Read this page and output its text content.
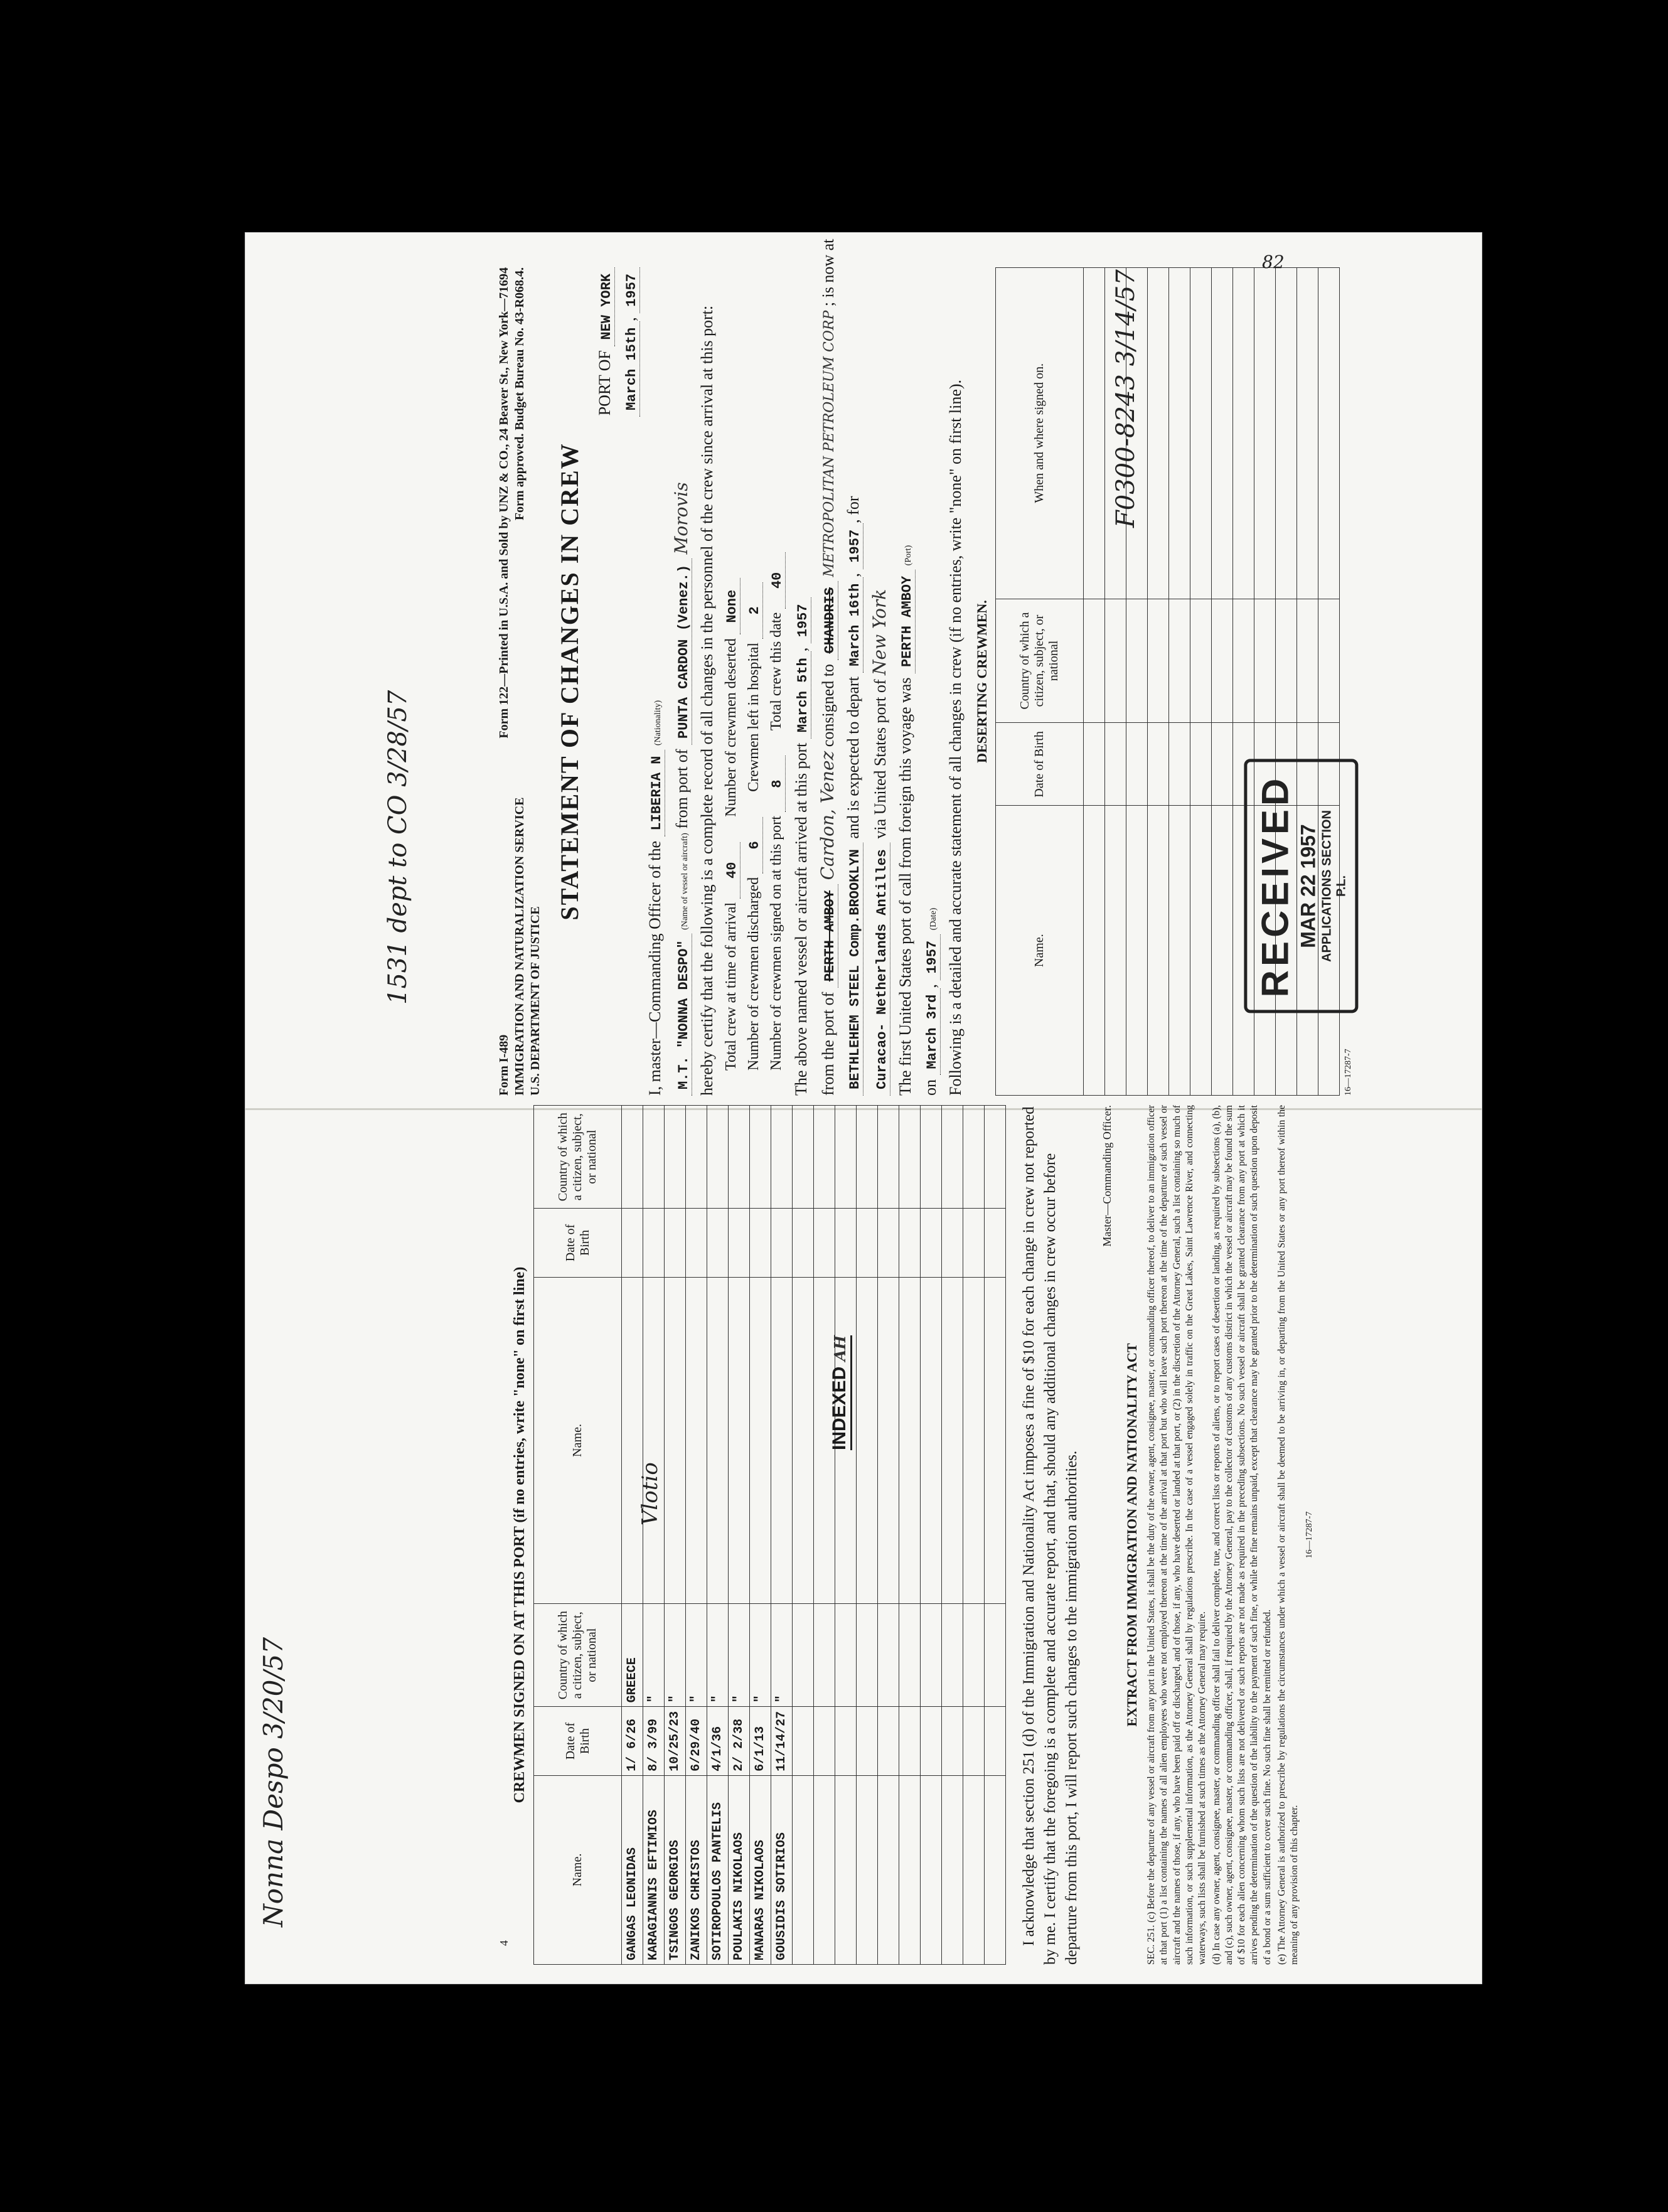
Form I-489 IMMIGRATION AND NATURALIZATION SERVICE U.S. DEPARTMENT OF JUSTICE
Form 122—Printed in U.S.A. and Sold by UNZ & CO., 24 Beaver St., New York—71694 Form approved. Budget Bureau No. 43-R068.4.
STATEMENT OF CHANGES IN CREW
PORT OF NEW YORK
March 15th, 1957
I, master—Commanding Officer of the LIBERIA N (Nationality)
M.T. "NONNA DESPO" (Name of vessel or aircraft) from port of PUNTA CARDON (Venez.) Morovis hereby certify that the following is a complete record of all changes in the personnel of the crew since arrival at this port: Total crew at time of arrival 40
Number of crewmen deserted None
Number of crewmen discharged 6
Crewmen left in hospital 2
Number of crewmen signed on at this port 8
Total crew this date 40
The above named vessel or aircraft arrived at this port March 5th, 1957
from the port of PERTH AMBOY Cardon, Venez consigned to CHANDRIS METROPOLITAN PETROLEUM CORP ; is now at
BETHLEHEM STEEL Comp.BROOKLYN and is expected to depart March 16th, 1957, for
Curacao- Netherlands Antilles via United States port of New York
The first United States port of call from foreign this voyage was PERTH AMBOY (Port)
on March 3rd, 1957 (Date) Following is a detailed and accurate statement of all changes in crew (if no entries, write "none" on first line). DESERTING CREWMEN.
Name.	Date of Birth	Country of which a citizen, subject, or national	When and where signed on.

16—17287-7
CREWMEN SIGNED ON AT THIS PORT (if no entries, write "none" on first line)
4
Name.	Date of Birth	Country of which a citizen, subject, or national	Name.	Date of Birth	Country of which a citizen, subject, or national
GANGAS LEONIDAS	1/ 6/26	GREECE			
KARAGIANNIS EFTIMIOS	8/ 3/99	"			
TSINGOS GEORGIOS	10/25/23	"			
ZANIKOS CHRISTOS	6/29/40	"			
SOTIROPOULOS PANTELIS	4/1/36	"			
POULAKIS NIKOLAOS	2/ 2/38	"			
MANARAS NIKOLAOS	6/1/13	"			
GOUSIDIS SOTIRIOS	11/14/27	"			

						I acknowledge that section 251 (d) of the Immigration and Nationality Act imposes a fine of $10 for each change in crew not reported by me. I certify that the foregoing is a complete and accurate report, and that, should any additional changes in crew occur before departure from this port, I will report such changes to the immigration authorities.
Master—Commanding Officer.
EXTRACT FROM IMMIGRATION AND NATIONALITY ACT SEC. 251. (c) Before the departure of any vessel or aircraft from any port in the United States, it shall be the duty of the owner, agent, consignee, master, or commanding officer thereof, to deliver to an immigration officer at that port (1) a list containing the names of all alien employees who were not employed thereon at the time of the arrival at that port but who will leave such port thereon at the time of the departure of such vessel or aircraft and the names of those, if any, who have been paid off or discharged, and of those, if any, who have deserted or landed at that port, or (2) in the discretion of the Attorney General, such a list containing so much of such information, or such supplemental information, as the Attorney General shall by regulations prescribe. In the case of a vessel engaged solely in traffic on the Great Lakes, Saint Lawrence River, and connecting waterways, such lists shall be furnished at such times as the Attorney General may require. (d) In case any owner, agent, consignee, master, or commanding officer shall fail to deliver complete, true, and correct lists or reports of aliens, or to report cases of desertion or landing, as required by subsections (a), (b), and (c), such owner, agent, consignee, master, or commanding officer, shall, if required by the Attorney General, pay to the collector of customs of any customs district in which the vessel or aircraft may be found the sum of $10 for each alien concerning whom such lists are not delivered or such reports are not made as required in the preceding subsections. No such vessel or aircraft shall be granted clearance from any port at which it arrives pending the determination of the question of the liability to the payment of such fine, or while the fine remains unpaid, except that clearance may be granted prior to the determination of such question upon deposit of a bond or a sum sufficient to cover such fine. No such fine shall be remitted or refunded. (e) The Attorney General is authorized to prescribe by regulations the circumstances under which a vessel or aircraft shall be deemed to be arriving in, or departing from the United States or any port thereof within the meaning of any provision of this chapter.

16—17287-7
INDEXED AH
Vlotio
RECEIVED MAR 22 1957 APPLICATIONS SECTION P.L.
82
F0300-8243 3/14/57
1531 dept to CO 3/28/57
Nonna Despo 3/20/57
